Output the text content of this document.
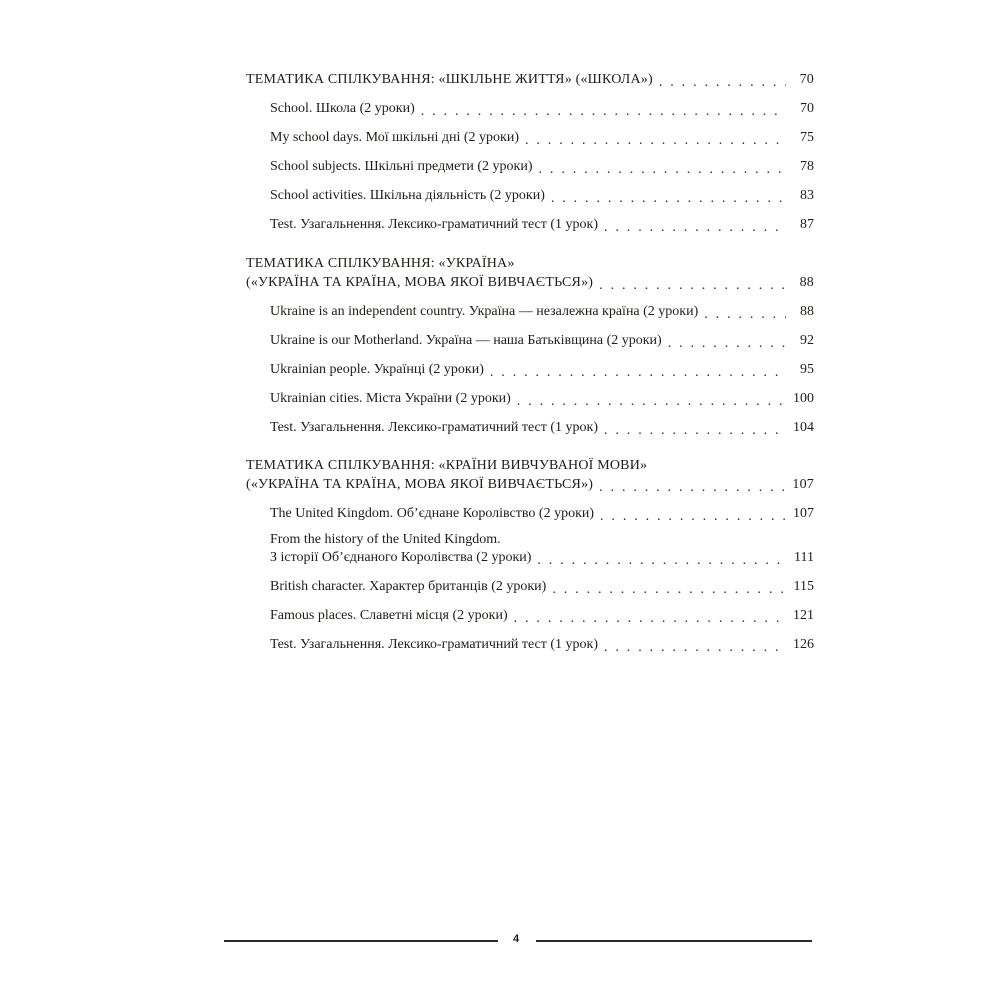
ТЕМАТИКА СПІЛКУВАННЯ: «ШКІЛЬНЕ ЖИТТЯ» («ШКОЛА») . . .	70
School. Школа (2 уроки) . . .	70
My school days. Мої шкільні дні (2 уроки) . . .	75
School subjects. Шкільні предмети (2 уроки) . . .	78
School activities. Шкільна діяльність (2 уроки) . . .	83
Test. Узагальнення. Лексико-граматичний тест (1 урок) . . .	87
ТЕМАТИКА СПІЛКУВАННЯ: «УКРАЇНА»
(«УКРАЇНА ТА КРАЇНА, МОВА ЯКОЇ ВИВЧАЄТЬСЯ») . . .	88
Ukraine is an independent country. Україна — незалежна країна (2 уроки) . . .	88
Ukraine is our Motherland. Україна — наша Батьківщина (2 уроки) . . .	92
Ukrainian people. Українці (2 уроки) . . .	95
Ukrainian cities. Міста України (2 уроки) . . .	100
Test. Узагальнення. Лексико-граматичний тест (1 урок) . . .	104
ТЕМАТИКА СПІЛКУВАННЯ: «КРАЇНИ ВИВЧУВАНОЇ МОВИ»
(«УКРАЇНА ТА КРАЇНА, МОВА ЯКОЇ ВИВЧАЄТЬСЯ») . . .	107
The United Kingdom. Об’єднане Королівство (2 уроки) . . .	107
From the history of the United Kingdom.
З історії Об’єднаного Королівства (2 уроки) . . .	111
British character. Характер британців (2 уроки) . . .	115
Famous places. Славетні місця (2 уроки) . . .	121
Test. Узагальнення. Лексико-граматичний тест (1 урок) . . .	126
4
